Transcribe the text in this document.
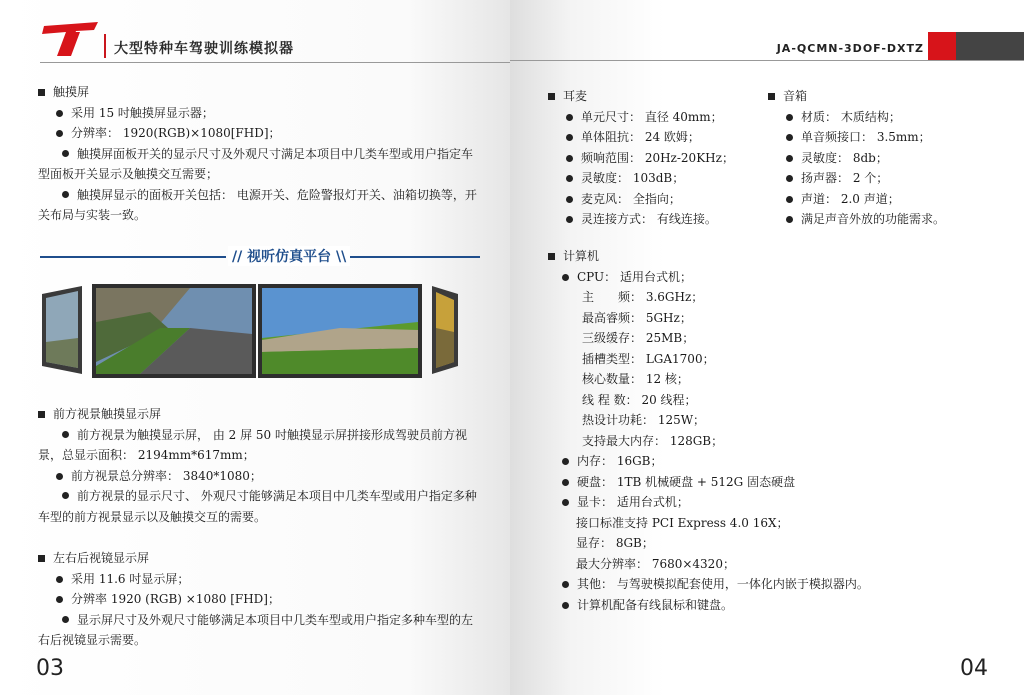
大型特种车驾驶训练模拟器
触摸屏
采用 15 吋触摸屏显示器；
分辨率： 1920(RGB)×1080[FHD]；

触摸屏面板开关的显示尺寸及外观尺寸满足本项目中几类车型或用户指定车型面板开关显示及触摸交互需要；

触摸屏显示的面板开关包括： 电源开关、危险警报灯开关、油箱切换等，开关布局与实装一致。

// 视听仿真平台 \\
前方视景触摸显示屏

前方视景为触摸显示屏， 由 2 屏 50 吋触摸显示屏拼接形成驾驶员前方视景，总显示面积： 2194mm*617mm；

前方视景总分辨率： 3840*1080；

前方视景的显示尺寸、 外观尺寸能够满足本项目中几类车型或用户指定多种车型的前方视景显示以及触摸交互的需要。

左右后视镜显示屏
采用 11.6 吋显示屏；
分辨率 1920 (RGB) ×1080 [FHD]；

显示屏尺寸及外观尺寸能够满足本项目中几类车型或用户指定多种车型的左右后视镜显示需要。

03
JA-QCMN-3DOF-DXTZ
耳麦
单元尺寸： 直径 40mm；
单体阻抗： 24 欧姆；
频响范围： 20Hz-20KHz；
灵敏度： 103dB；
麦克风： 全指向；
灵连接方式： 有线连接。
音箱
材质： 木质结构；
单音频接口： 3.5mm；
灵敏度： 8db；
扬声器： 2 个；
声道： 2.0 声道；
满足声音外放的功能需求。
计算机
CPU： 适用台式机；
主　　频： 3.6GHz；
最高睿频： 5GHz；
三级缓存： 25MB；
插槽类型： LGA1700；
核心数量： 12 核；
线 程 数： 20 线程；
热设计功耗： 125W；
支持最大内存： 128GB；
内存： 16GB；
硬盘： 1TB 机械硬盘 + 512G 固态硬盘
显卡： 适用台式机；
接口标准支持 PCI Express 4.0 16X；
显存： 8GB；
最大分辨率： 7680×4320；
其他： 与驾驶模拟配套使用，一体化内嵌于模拟器内。
计算机配备有线鼠标和键盘。
04
